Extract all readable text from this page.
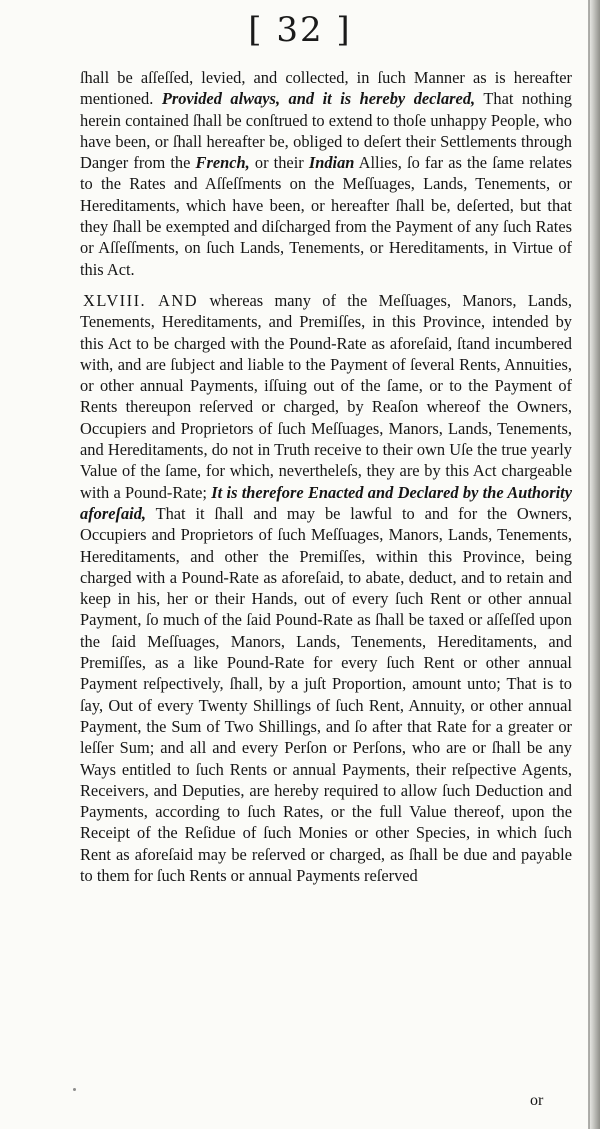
[ 32 ]

ſhall be aſſeſſed, levied, and collected, in ſuch Manner as is hereafter mentioned. Provided always, and it is hereby declared, That nothing herein contained ſhall be conſtrued to extend to thoſe unhappy People, who have been, or ſhall hereafter be, obliged to deſert their Settlements through Danger from the French, or their Indian Allies, ſo far as the ſame relates to the Rates and Aſſeſſments on the Meſſuages, Lands, Tenements, or Hereditaments, which have been, or hereafter ſhall be, deſerted, but that they ſhall be exempted and diſcharged from the Payment of any ſuch Rates or Aſſeſſments, on ſuch Lands, Tenements, or Hereditaments, in Virtue of this Act.

XLVIII. AND whereas many of the Meſſuages, Manors, Lands, Tenements, Hereditaments, and Premiſſes, in this Province, intended by this Act to be charged with the Pound-Rate as aforeſaid, ſtand incumbered with, and are ſubject and liable to the Payment of ſeveral Rents, Annuities, or other annual Payments, iſſuing out of the ſame, or to the Payment of Rents thereupon reſerved or charged, by Reaſon whereof the Owners, Occupiers and Proprietors of ſuch Meſſuages, Manors, Lands, Tenements, and Hereditaments, do not in Truth receive to their own Uſe the true yearly Value of the ſame, for which, nevertheleſs, they are by this Act chargeable with a Pound-Rate; It is therefore Enacted and Declared by the Authority aforeſaid, That it ſhall and may be lawful to and for the Owners, Occupiers and Proprietors of ſuch Meſſuages, Manors, Lands, Tenements, Hereditaments, and other the Premiſſes, within this Province, being charged with a Pound-Rate as aforeſaid, to abate, deduct, and to retain and keep in his, her or their Hands, out of every ſuch Rent or other annual Payment, ſo much of the ſaid Pound-Rate as ſhall be taxed or aſſeſſed upon the ſaid Meſſuages, Manors, Lands, Tenements, Hereditaments, and Premiſſes, as a like Pound-Rate for every ſuch Rent or other annual Payment reſpectively, ſhall, by a juſt Proportion, amount unto; That is to ſay, Out of every Twenty Shillings of ſuch Rent, Annuity, or other annual Payment, the Sum of Two Shillings, and ſo after that Rate for a greater or leſſer Sum; and all and every Perſon or Perſons, who are or ſhall be any Ways entitled to ſuch Rents or annual Payments, their reſpective Agents, Receivers, and Deputies, are hereby required to allow ſuch Deduction and Payments, according to ſuch Rates, or the full Value thereof, upon the Receipt of the Reſidue of ſuch Monies or other Species, in which ſuch Rent as aforeſaid may be reſerved or charged, as ſhall be due and payable to them for ſuch Rents or annual Payments reſerved

or
